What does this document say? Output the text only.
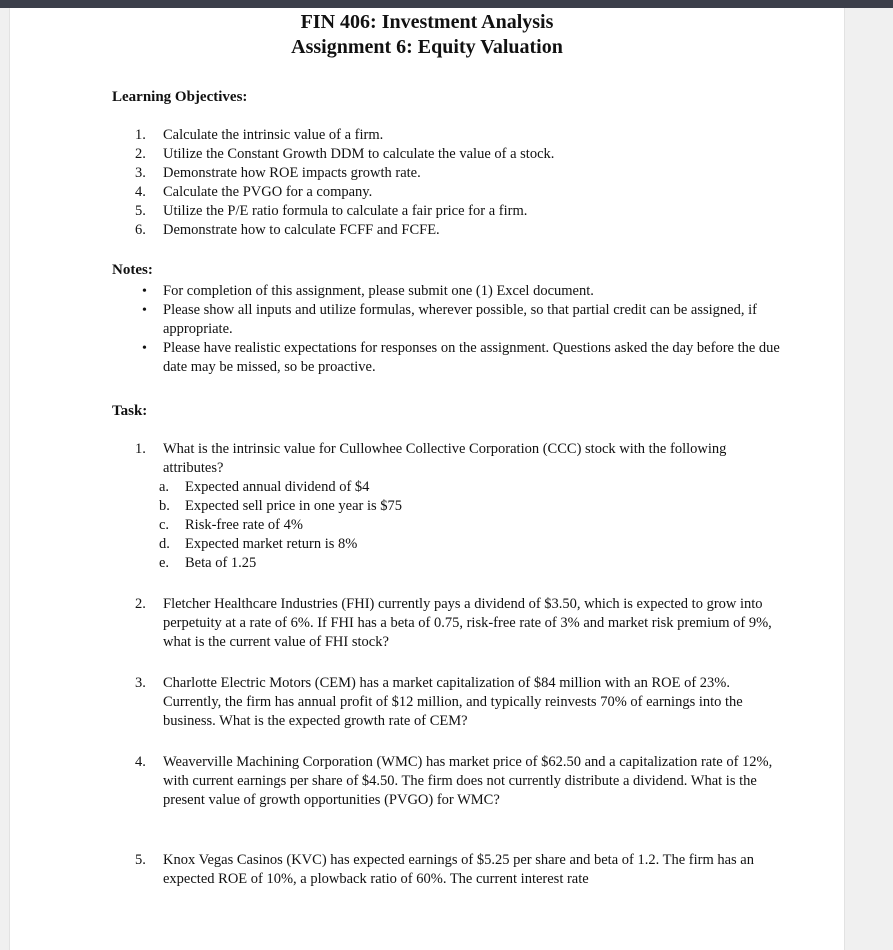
FIN 406: Investment Analysis
Assignment 6: Equity Valuation
Learning Objectives:
1.	Calculate the intrinsic value of a firm.
2.	Utilize the Constant Growth DDM to calculate the value of a stock.
3.	Demonstrate how ROE impacts growth rate.
4.	Calculate the PVGO for a company.
5.	Utilize the P/E ratio formula to calculate a fair price for a firm.
6.	Demonstrate how to calculate FCFF and FCFE.
Notes:
•	For completion of this assignment, please submit one (1) Excel document.
•	Please show all inputs and utilize formulas, wherever possible, so that partial credit can be assigned, if appropriate.
•	Please have realistic expectations for responses on the assignment. Questions asked the day before the due date may be missed, so be proactive.
Task:
1.	What is the intrinsic value for Cullowhee Collective Corporation (CCC) stock with the following attributes?
a.	Expected annual dividend of $4
b.	Expected sell price in one year is $75
c.	Risk-free rate of 4%
d.	Expected market return is 8%
e.	Beta of 1.25
2.	Fletcher Healthcare Industries (FHI) currently pays a dividend of $3.50, which is expected to grow into perpetuity at a rate of 6%. If FHI has a beta of 0.75, risk-free rate of 3% and market risk premium of 9%, what is the current value of FHI stock?
3.	Charlotte Electric Motors (CEM) has a market capitalization of $84 million with an ROE of 23%. Currently, the firm has annual profit of $12 million, and typically reinvests 70% of earnings into the business. What is the expected growth rate of CEM?
4.	Weaverville Machining Corporation (WMC) has market price of $62.50 and a capitalization rate of 12%, with current earnings per share of $4.50. The firm does not currently distribute a dividend. What is the present value of growth opportunities (PVGO) for WMC?
5.	Knox Vegas Casinos (KVC) has expected earnings of $5.25 per share and beta of 1.2. The firm has an expected ROE of 10%, a plowback ratio of 60%. The current interest rate
